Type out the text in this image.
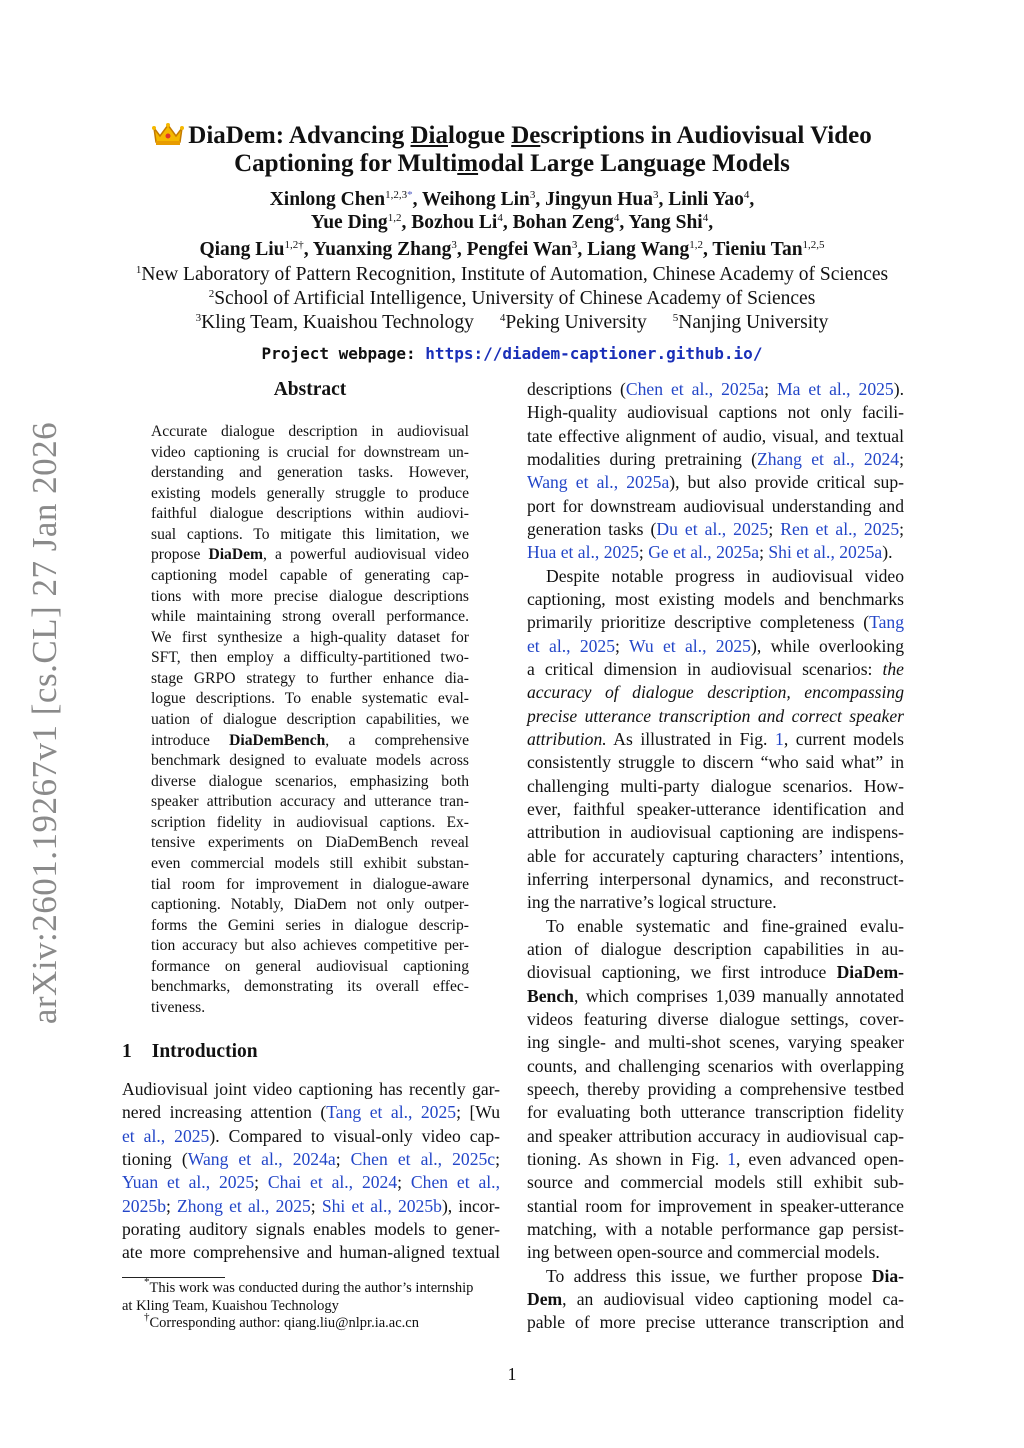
arXiv:2601.19267v1 [cs.CL] 27 Jan 2026
DiaDem: Advancing Dialogue Descriptions in Audiovisual Video
Captioning for Multimodal Large Language Models
Xinlong Chen$^{1,2,3*}$, Weihong Lin$^3$, Jingyun Hua$^3$, Linli Yao$^4$,
Yue Ding$^{1,2}$, Bozhou Li$^4$, Bohan Zeng$^4$, Yang Shi$^4$,
Qiang Liu$^{1,2\dagger}$, Yuanxing Zhang$^3$, Pengfei Wan$^3$, Liang Wang$^{1,2}$, Tieniu Tan$^{1,2,5}$
$^1$New Laboratory of Pattern Recognition, Institute of Automation, Chinese Academy of Sciences
$^2$School of Artificial Intelligence, University of Chinese Academy of Sciences
$^3$Kling Team, Kuaishou Technology $^4$Peking University $^5$Nanjing University
Project webpage: https://diadem-captioner.github.io/
Abstract
Accurate dialogue description in audiovisual
video captioning is crucial for downstream un-
derstanding and generation tasks. However,
existing models generally struggle to produce
faithful dialogue descriptions within audiovi-
sual captions. To mitigate this limitation, we
propose DiaDem, a powerful audiovisual video
captioning model capable of generating cap-
tions with more precise dialogue descriptions
while maintaining strong overall performance.
We first synthesize a high-quality dataset for
SFT, then employ a difficulty-partitioned two-
stage GRPO strategy to further enhance dia-
logue descriptions. To enable systematic eval-
uation of dialogue description capabilities, we
introduce DiaDemBench, a comprehensive
benchmark designed to evaluate models across
diverse dialogue scenarios, emphasizing both
speaker attribution accuracy and utterance tran-
scription fidelity in audiovisual captions. Ex-
tensive experiments on DiaDemBench reveal
even commercial models still exhibit substan-
tial room for improvement in dialogue-aware
captioning. Notably, DiaDem not only outper-
forms the Gemini series in dialogue descrip-
tion accuracy but also achieves competitive per-
formance on general audiovisual captioning
benchmarks, demonstrating its overall effec-
tiveness.
1 Introduction
Audiovisual joint video captioning has recently gar-
nered increasing attention (Tang et al., 2025; [Wu
et al., 2025). Compared to visual-only video cap-
tioning (Wang et al., 2024a; Chen et al., 2025c;
Yuan et al., 2025; Chai et al., 2024; Chen et al.,
2025b; Zhong et al., 2025; Shi et al., 2025b), incor-
porating auditory signals enables models to gener-
ate more comprehensive and human-aligned textual
descriptions (Chen et al., 2025a; Ma et al., 2025).
High-quality audiovisual captions not only facili-
tate effective alignment of audio, visual, and textual
modalities during pretraining (Zhang et al., 2024;
Wang et al., 2025a), but also provide critical sup-
port for downstream audiovisual understanding and
generation tasks (Du et al., 2025; Ren et al., 2025;
Hua et al., 2025; Ge et al., 2025a; Shi et al., 2025a).
Despite notable progress in audiovisual video
captioning, most existing models and benchmarks
primarily prioritize descriptive completeness (Tang
et al., 2025; Wu et al., 2025), while overlooking
a critical dimension in audiovisual scenarios: the
accuracy of dialogue description, encompassing
precise utterance transcription and correct speaker
attribution. As illustrated in Fig. 1, current models
consistently struggle to discern “who said what” in
challenging multi-party dialogue scenarios. How-
ever, faithful speaker-utterance identification and
attribution in audiovisual captioning are indispens-
able for accurately capturing characters’ intentions,
inferring interpersonal dynamics, and reconstruct-
ing the narrative’s logical structure.
To enable systematic and fine-grained evalu-
ation of dialogue description capabilities in au-
diovisual captioning, we first introduce DiaDem-
Bench, which comprises 1,039 manually annotated
videos featuring diverse dialogue settings, cover-
ing single- and multi-shot scenes, varying speaker
counts, and challenging scenarios with overlapping
speech, thereby providing a comprehensive testbed
for evaluating both utterance transcription fidelity
and speaker attribution accuracy in audiovisual cap-
tioning. As shown in Fig. 1, even advanced open-
source and commercial models still exhibit sub-
stantial room for improvement in speaker-utterance
matching, with a notable performance gap persist-
ing between open-source and commercial models.
To address this issue, we further propose Dia-
Dem, an audiovisual video captioning model ca-
pable of more precise utterance transcription and
*This work was conducted during the author’s internship
at Kling Team, Kuaishou Technology
†Corresponding author: qiang.liu@nlpr.ia.ac.cn
1
